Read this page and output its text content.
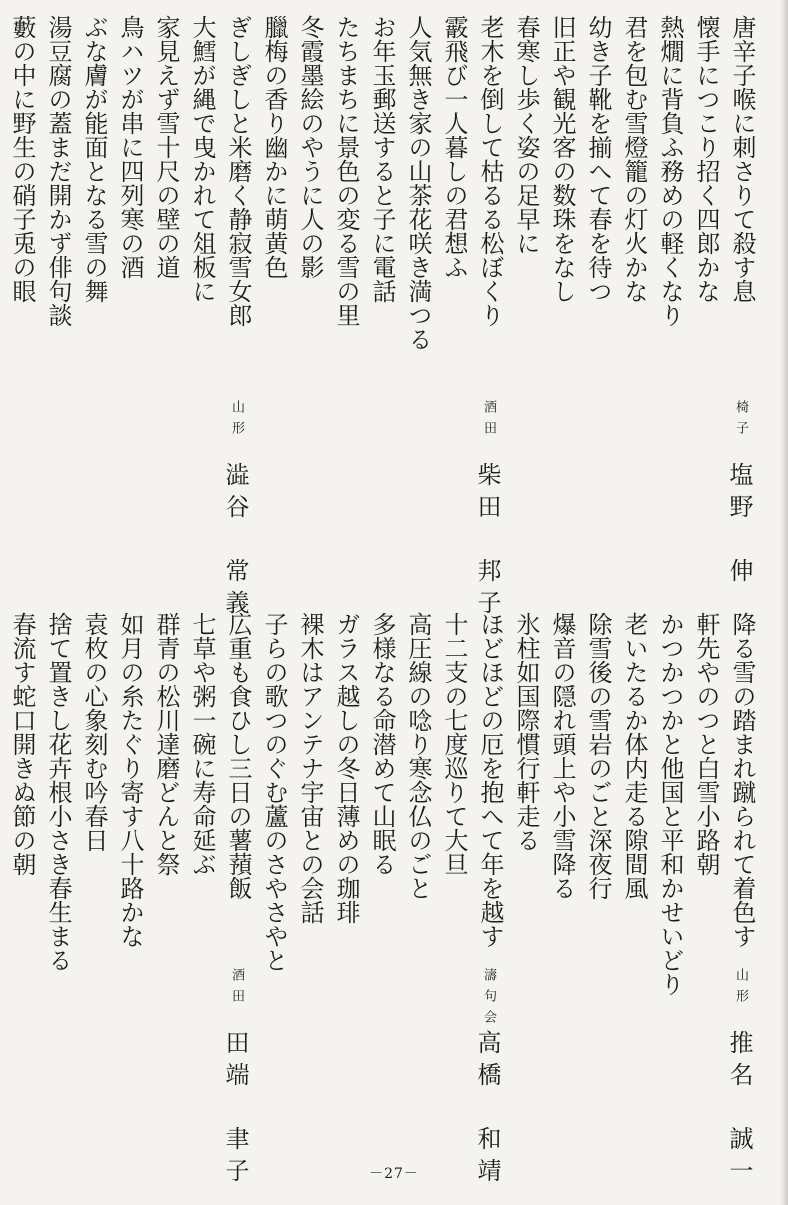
唐辛子喉に刺さりて殺す息
懐手につこり招く四郎かな
熱燗に背負ふ務めの軽くなり
君を包む雪燈籠の灯火かな
幼き子靴を揃へて春を待つ
旧正や観光客の数珠をなし
春寒し歩く姿の足早に
椅子
塩野　伸
老木を倒して枯るる松ぼくり
霰飛び一人暮しの君想ふ
人気無き家の山茶花咲き満つる
お年玉郵送すると子に電話
たちまちに景色の変る雪の里
冬霞墨絵のやうに人の影
臘梅の香り幽かに萌黄色
酒田
柴田　邦子
ぎしぎしと米磨く静寂雪女郎
大鱈が縄で曳かれて俎板に
家見えず雪十尺の壁の道
鳥ハツが串に四列寒の酒
ぶな膚が能面となる雪の舞
湯豆腐の蓋まだ開かず俳句談
藪の中に野生の硝子兎の眼
山形
澁谷　常義
降る雪の踏まれ蹴られて着色す
軒先やのつと白雪小路朝
かつかつかと他国と平和かせいどり
老いたるか体内走る隙間風
除雪後の雪岩のごと深夜行
爆音の隠れ頭上や小雪降る
氷柱如国際慣行軒走る
山形
推名　誠一
ほどほどの厄を抱へて年を越す
十二支の七度巡りて大旦
高圧線の唸り寒念仏のごと
多様なる命潜めて山眠る
ガラス越しの冬日薄めの珈琲
裸木はアンテナ宇宙との会話
子らの歌つのぐむ蘆のさやさやと
濤句会
高橋　和靖
広重も食ひし三日の薯蕷飯
七草や粥一碗に寿命延ぶ
群青の松川達磨どんと祭
如月の糸たぐり寄す八十路かな
袁枚の心象刻む吟春日
捨て置きし花卉根小さき春生まる
春流す蛇口開きぬ節の朝
酒田
田端　聿子	－27－
